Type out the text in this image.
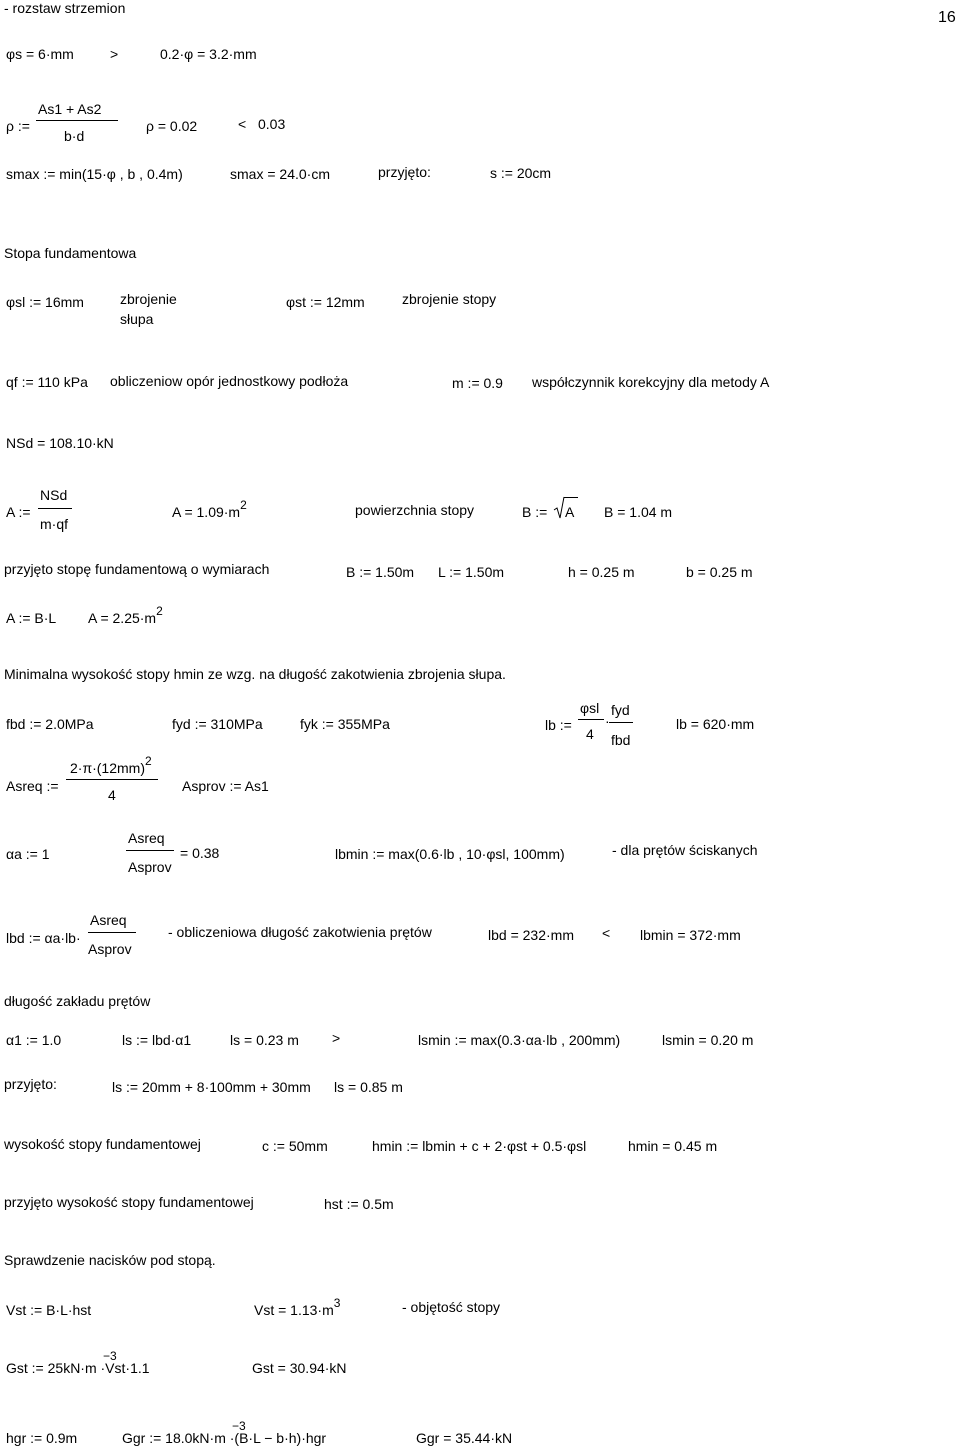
- rozstaw strzemion
16
φs = 6·mm	>	0.2·φ = 3.2·mm
ρ :=
As1 + As2
b·d
ρ = 0.02	< 0.03
smax := min(15·φ , b , 0.4m)	smax = 24.0·cm	przyjęto:	s := 20cm
Stopa fundamentowa
φsl := 16mm	zbrojenie
słupa
φst := 12mm	zbrojenie stopy
qf := 110 kPa obliczeniow opór jednostkowy podłoża	m := 0.9 współczynnik korekcyjny dla metody A
NSd = 108.10·kN
A :=
NSd
m·qf
A = 1.09·m2	powierzchnia stopy	B := A B = 1.04 m
przyjęto stopę fundamentową o wymiarach	B := 1.50m L := 1.50m	h = 0.25 m	b = 0.25 m
A := B·L A = 2.25·m2
Minimalna wysokość stopy hmin ze wzg. na długość zakotwienia zbrojenia słupa.
fbd := 2.0MPa	fyd := 310MPa	fyk := 355MPa	lb :=
φsl
4
·
fyd
fbd
lb = 620·mm
Asreq :=
2·π·(12mm)2
4
Asprov := As1
αa := 1
Asreq
Asprov
= 0.38	lbmin := max(0.6·lb , 10·φsl, 100mm)	- dla prętów ściskanych
lbd := αa·lb·
Asreq
Asprov
- obliczeniowa długość zakotwienia prętów	lbd = 232·mm < lbmin = 372·mm
długość zakładu prętów
α1 := 1.0	ls := lbd·α1	ls = 0.23 m >	lsmin := max(0.3·αa·lb , 200mm)	lsmin = 0.20 m
przyjęto:	ls := 20mm + 8·100mm + 30mm ls = 0.85 m
wysokość stopy fundamentowej	c := 50mm	hmin := lbmin + c + 2·φst + 0.5·φsl	hmin = 0.45 m
przyjęto wysokość stopy fundamentowej	hst := 0.5m
Sprawdzenie nacisków pod stopą.
Vst := B·L·hst	Vst = 1.13·m3	- objętość stopy
Gst := 25kN·m ·Vst·1.1
−3
Gst = 30.94·kN
hgr := 0.9m	Ggr := 18.0kN·m ·(B·L − b·h)·hgr
−3
Ggr = 35.44·kN
